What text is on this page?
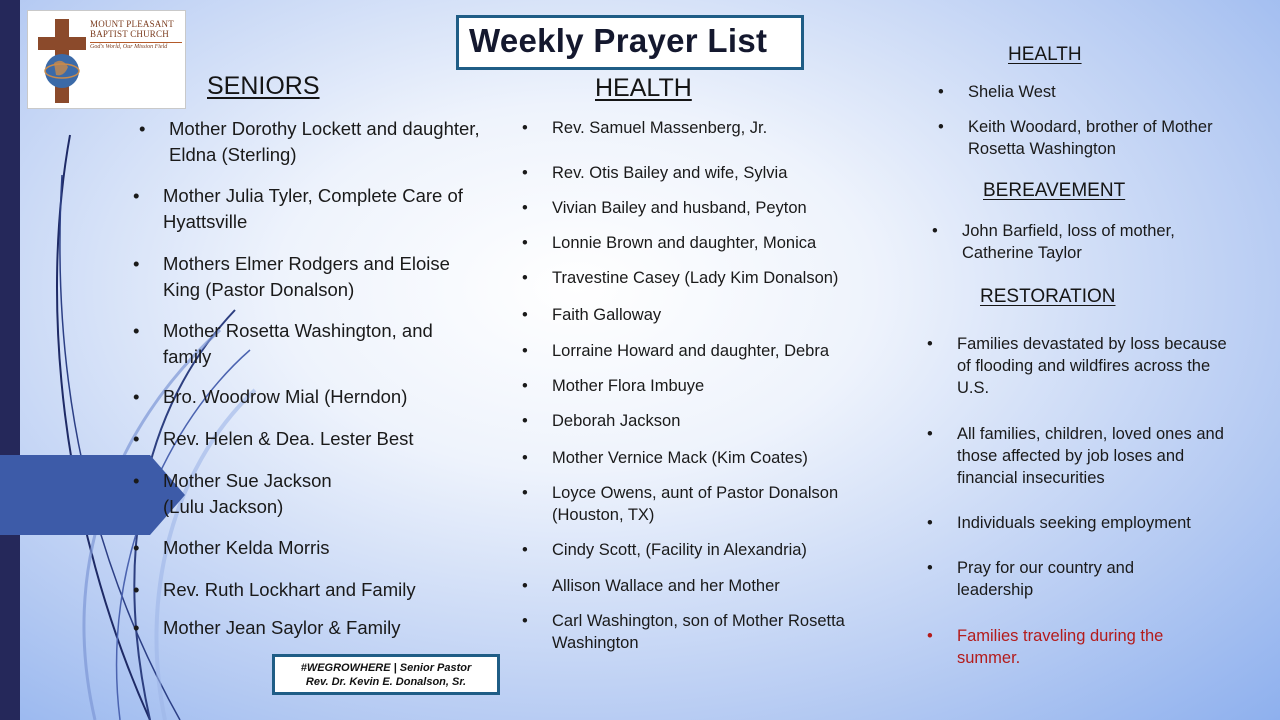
MOUNT PLEASANT
BAPTIST CHURCH
God's World, Our Mission Field	Weekly Prayer List
SENIORS
• Mother Dorothy Lockett and daughter, Eldna (Sterling)
• Mother Julia Tyler, Complete Care of Hyattsville
• Mothers Elmer Rodgers and Eloise King (Pastor Donalson)
• Mother Rosetta Washington, and family
• Bro. Woodrow Mial (Herndon)
• Rev. Helen & Dea. Lester Best
• Mother Sue Jackson (Lulu Jackson)
• Mother Kelda Morris
• Rev. Ruth Lockhart and Family
• Mother Jean Saylor & Family
HEALTH
• Rev. Samuel Massenberg, Jr.
• Rev. Otis Bailey and wife, Sylvia
• Vivian Bailey and husband, Peyton
• Lonnie Brown and daughter, Monica
• Travestine Casey (Lady Kim Donalson)
• Faith Galloway
• Lorraine Howard and daughter, Debra
• Mother Flora Imbuye
• Deborah Jackson
• Mother Vernice Mack (Kim Coates)
• Loyce Owens, aunt of Pastor Donalson (Houston, TX)
• Cindy Scott, (Facility in Alexandria)
• Allison Wallace and her Mother
• Carl Washington, son of Mother Rosetta Washington
HEALTH
• Shelia West
• Keith Woodard, brother of Mother Rosetta Washington
BEREAVEMENT
• John Barfield, loss of mother, Catherine Taylor
RESTORATION
• Families devastated by loss because of flooding and wildfires across the U.S.
• All families, children, loved ones and those affected by job loses and financial insecurities
• Individuals seeking employment
• Pray for our country and leadership
• Families traveling during the summer.
#WEGROWHERE | Senior Pastor
Rev. Dr. Kevin E. Donalson, Sr.
